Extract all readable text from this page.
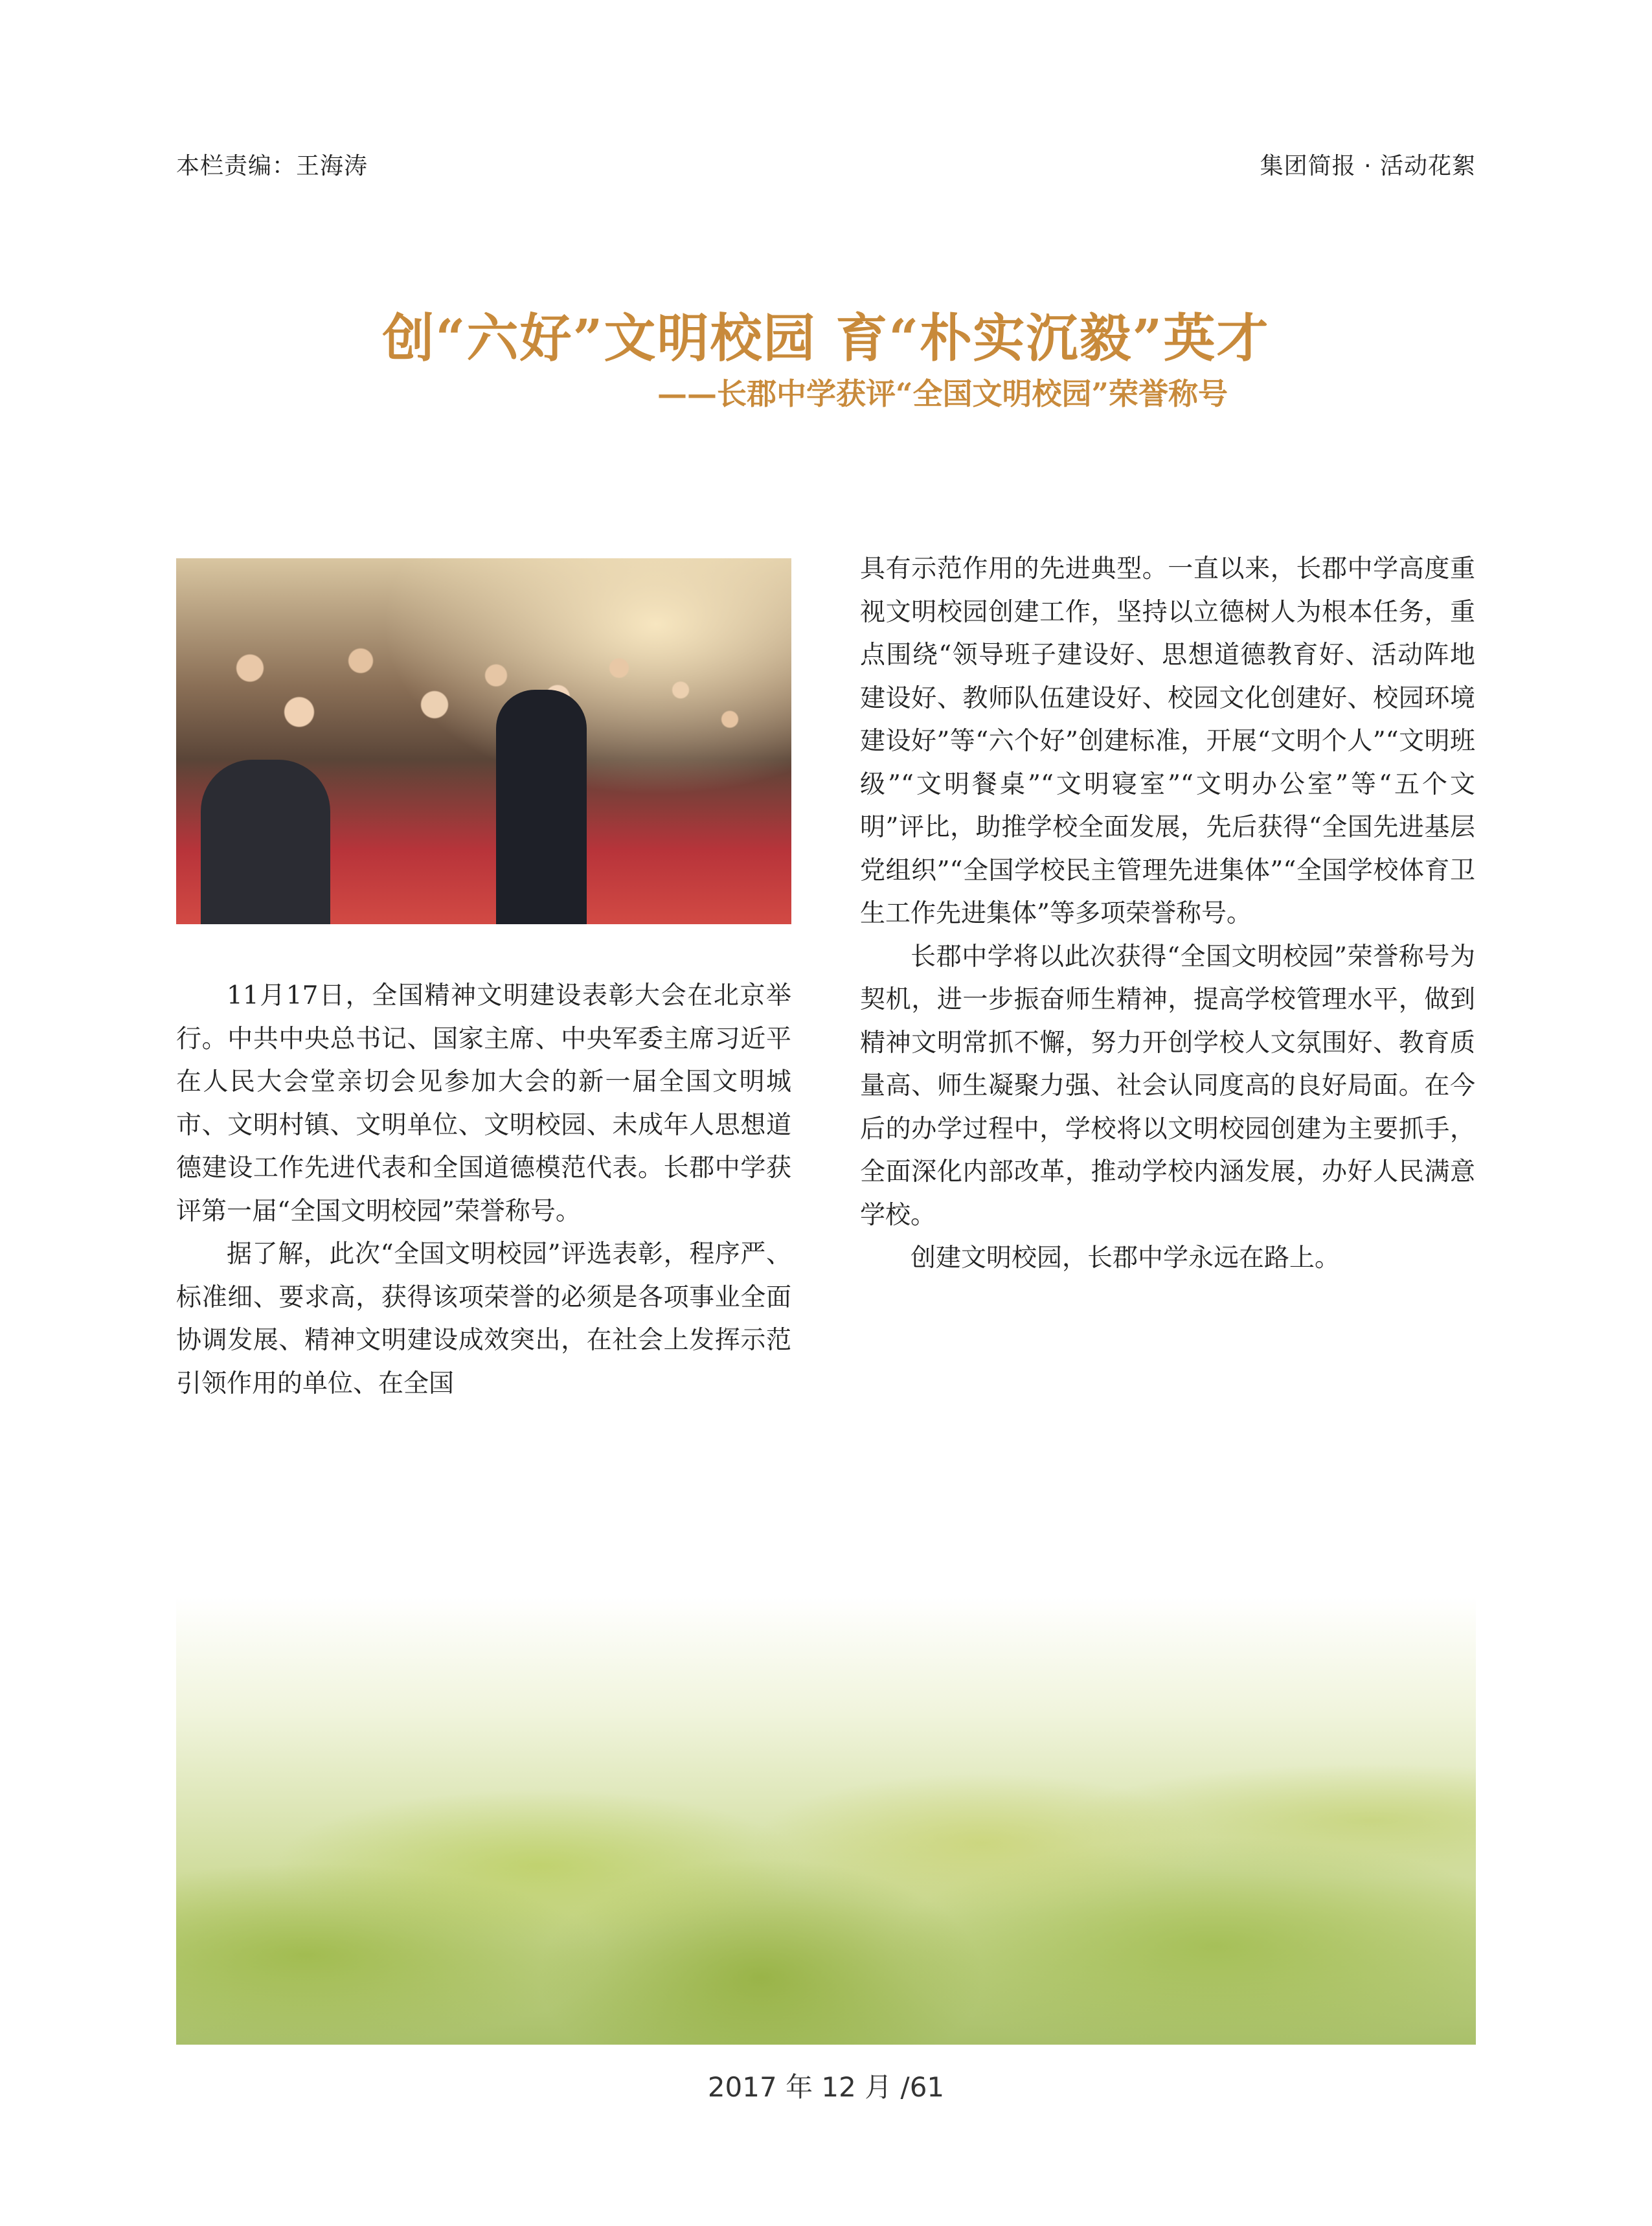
本栏责编：王海涛	集团简报 · 活动花絮
创“六好”文明校园 育“朴实沉毅”英才
——长郡中学获评“全国文明校园”荣誉称号

11月17日，全国精神文明建设表彰大会在北京举行。中共中央总书记、国家主席、中央军委主席习近平在人民大会堂亲切会见参加大会的新一届全国文明城市、文明村镇、文明单位、文明校园、未成年人思想道德建设工作先进代表和全国道德模范代表。长郡中学获评第一届“全国文明校园”荣誉称号。

据了解，此次“全国文明校园”评选表彰，程序严、标准细、要求高，获得该项荣誉的必须是各项事业全面协调发展、精神文明建设成效突出，在社会上发挥示范引领作用的单位、在全国

具有示范作用的先进典型。一直以来，长郡中学高度重视文明校园创建工作，坚持以立德树人为根本任务，重点围绕“领导班子建设好、思想道德教育好、活动阵地建设好、教师队伍建设好、校园文化创建好、校园环境建设好”等“六个好”创建标准，开展“文明个人”“文明班级”“文明餐桌”“文明寝室”“文明办公室”等“五个文明”评比，助推学校全面发展，先后获得“全国先进基层党组织”“全国学校民主管理先进集体”“全国学校体育卫生工作先进集体”等多项荣誉称号。

长郡中学将以此次获得“全国文明校园”荣誉称号为契机，进一步振奋师生精神，提高学校管理水平，做到精神文明常抓不懈，努力开创学校人文氛围好、教育质量高、师生凝聚力强、社会认同度高的良好局面。在今后的办学过程中，学校将以文明校园创建为主要抓手，全面深化内部改革，推动学校内涵发展，办好人民满意学校。

创建文明校园，长郡中学永远在路上。

2017 年 12 月 /61
